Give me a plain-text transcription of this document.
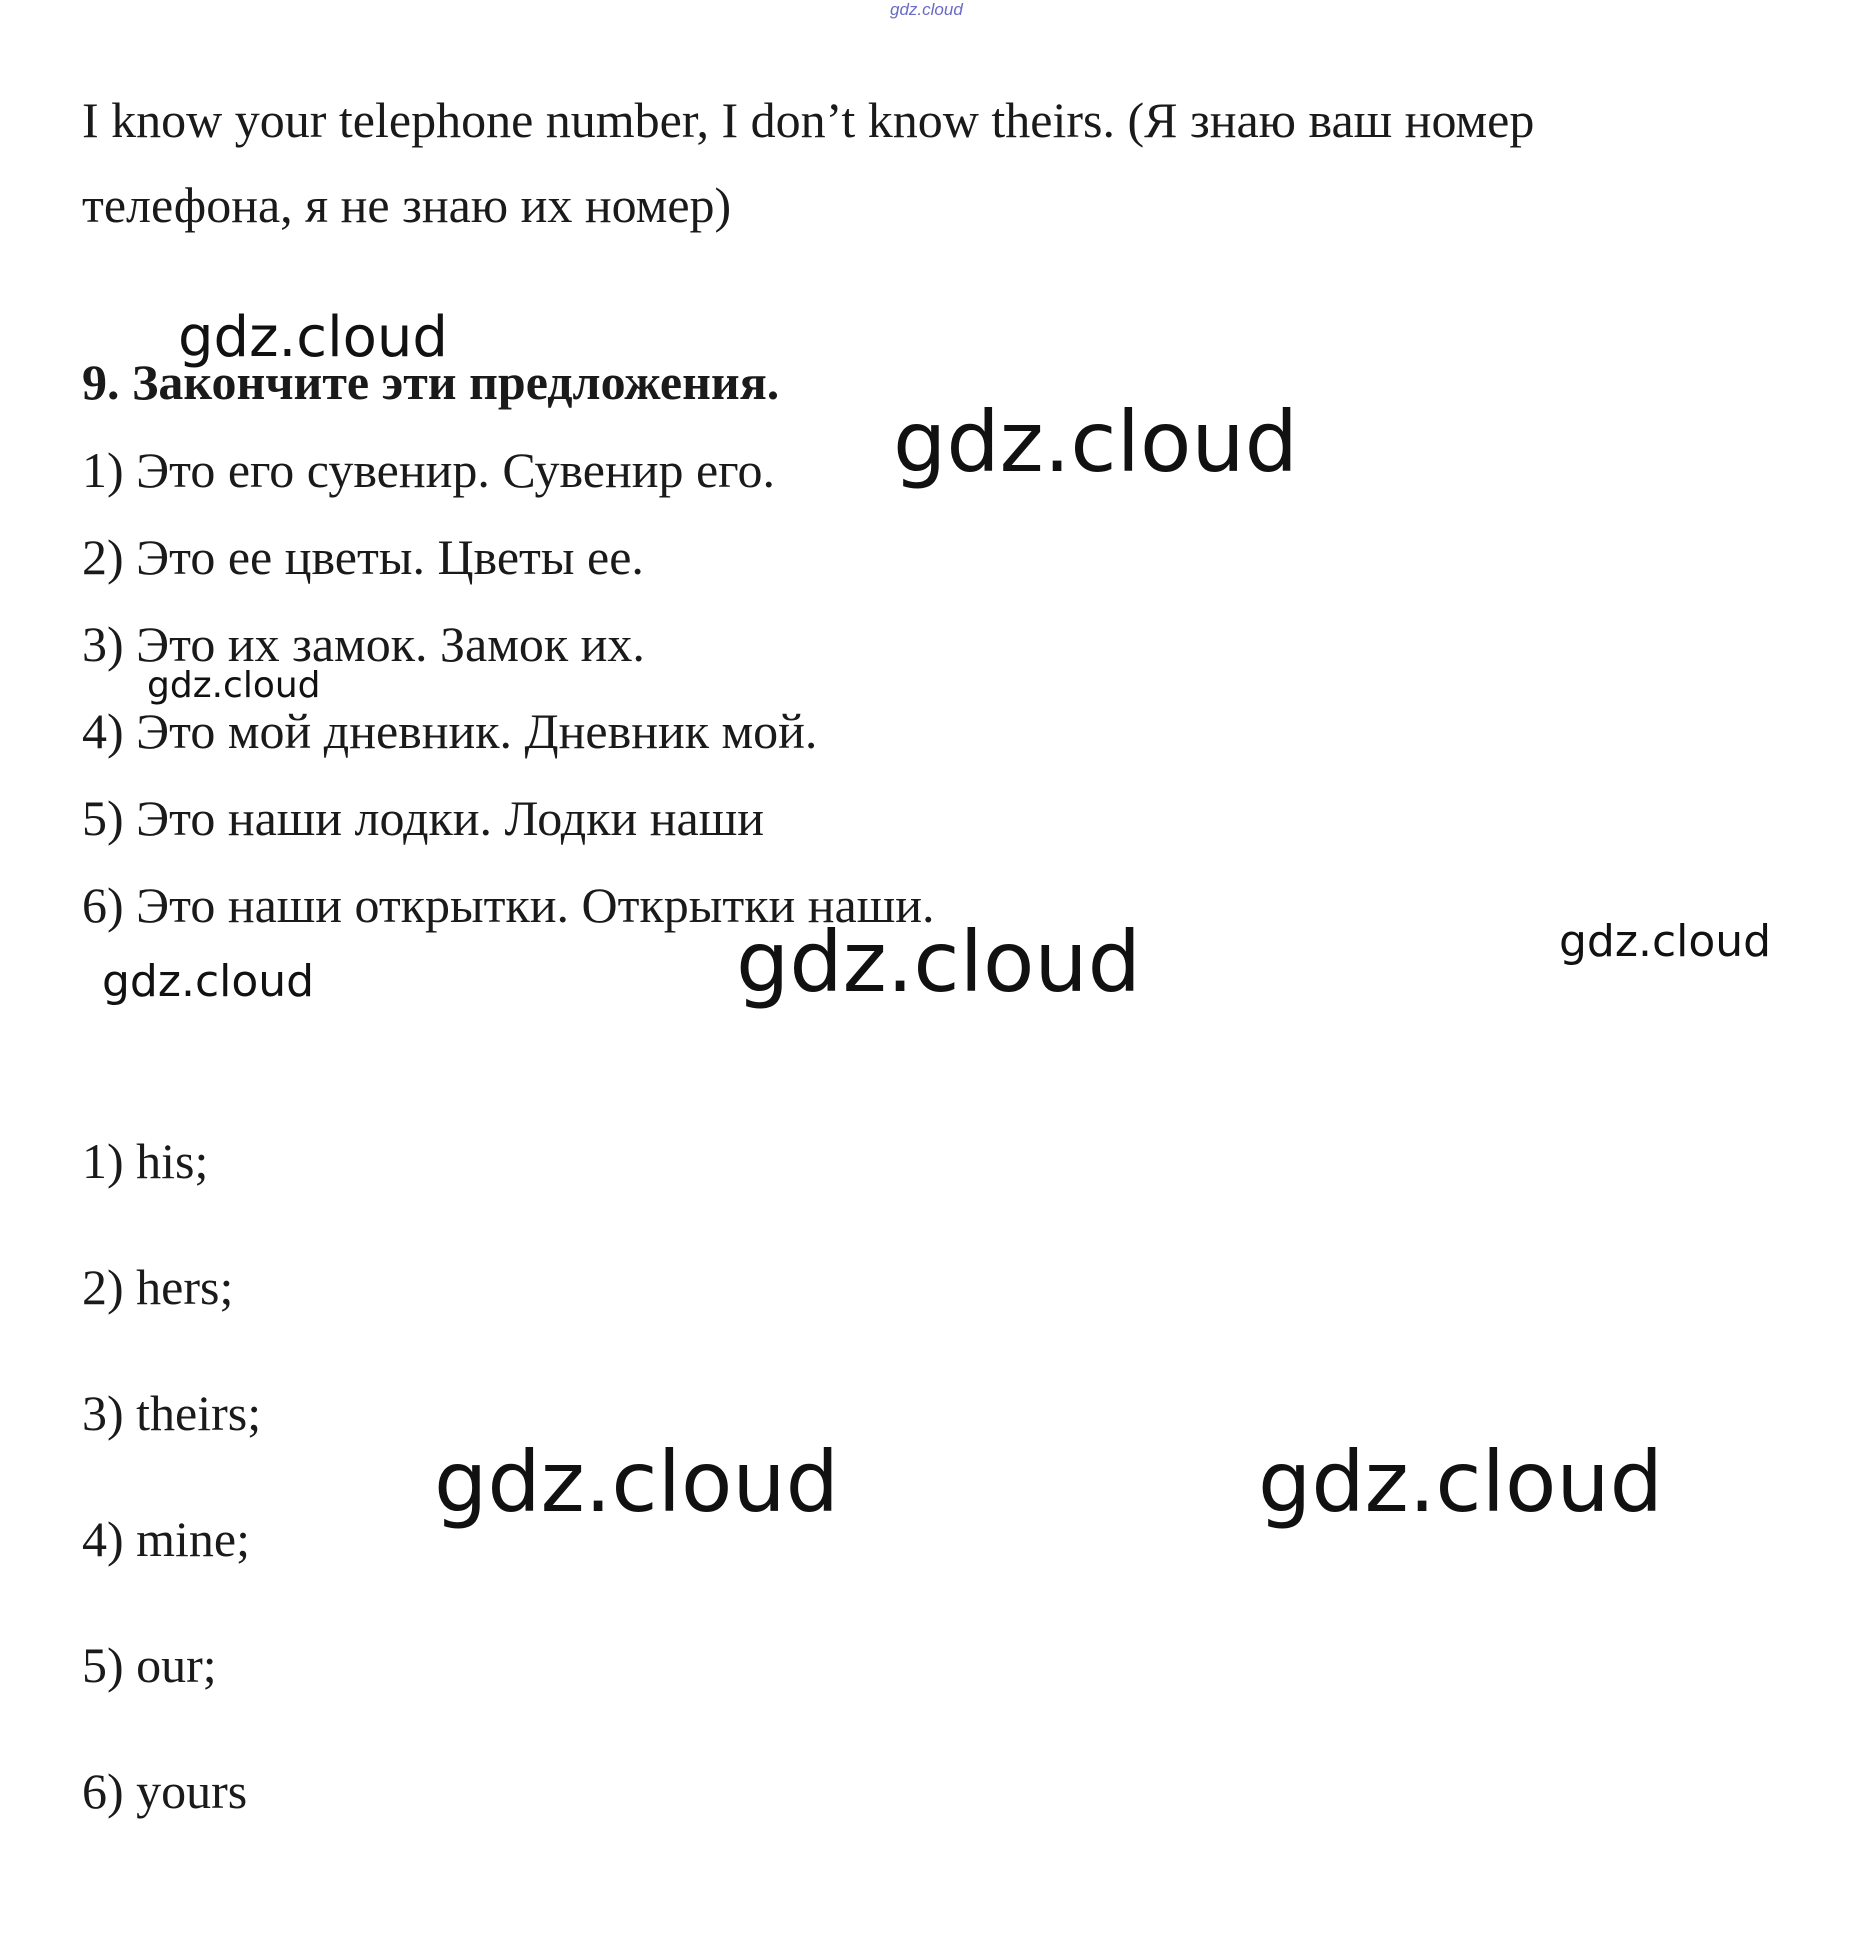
gdz.cloud
I know your telephone number, I don’t know theirs. (Я знаю ваш номер
телефона, я не знаю их номер)
9. Закончите эти предложения.
1) Это его сувенир. Сувенир его.
2) Это ее цветы. Цветы ее.
3) Это их замок. Замок их.
4) Это мой дневник. Дневник мой.
5) Это наши лодки. Лодки наши
6) Это наши открытки. Открытки наши.
1) his;
2) hers;
3) theirs;
4) mine;
5) our;
6) yours
gdz.cloud
gdz.cloud
gdz.cloud
gdz.cloud
gdz.cloud
gdz.cloud
gdz.cloud	gdz.cloud
